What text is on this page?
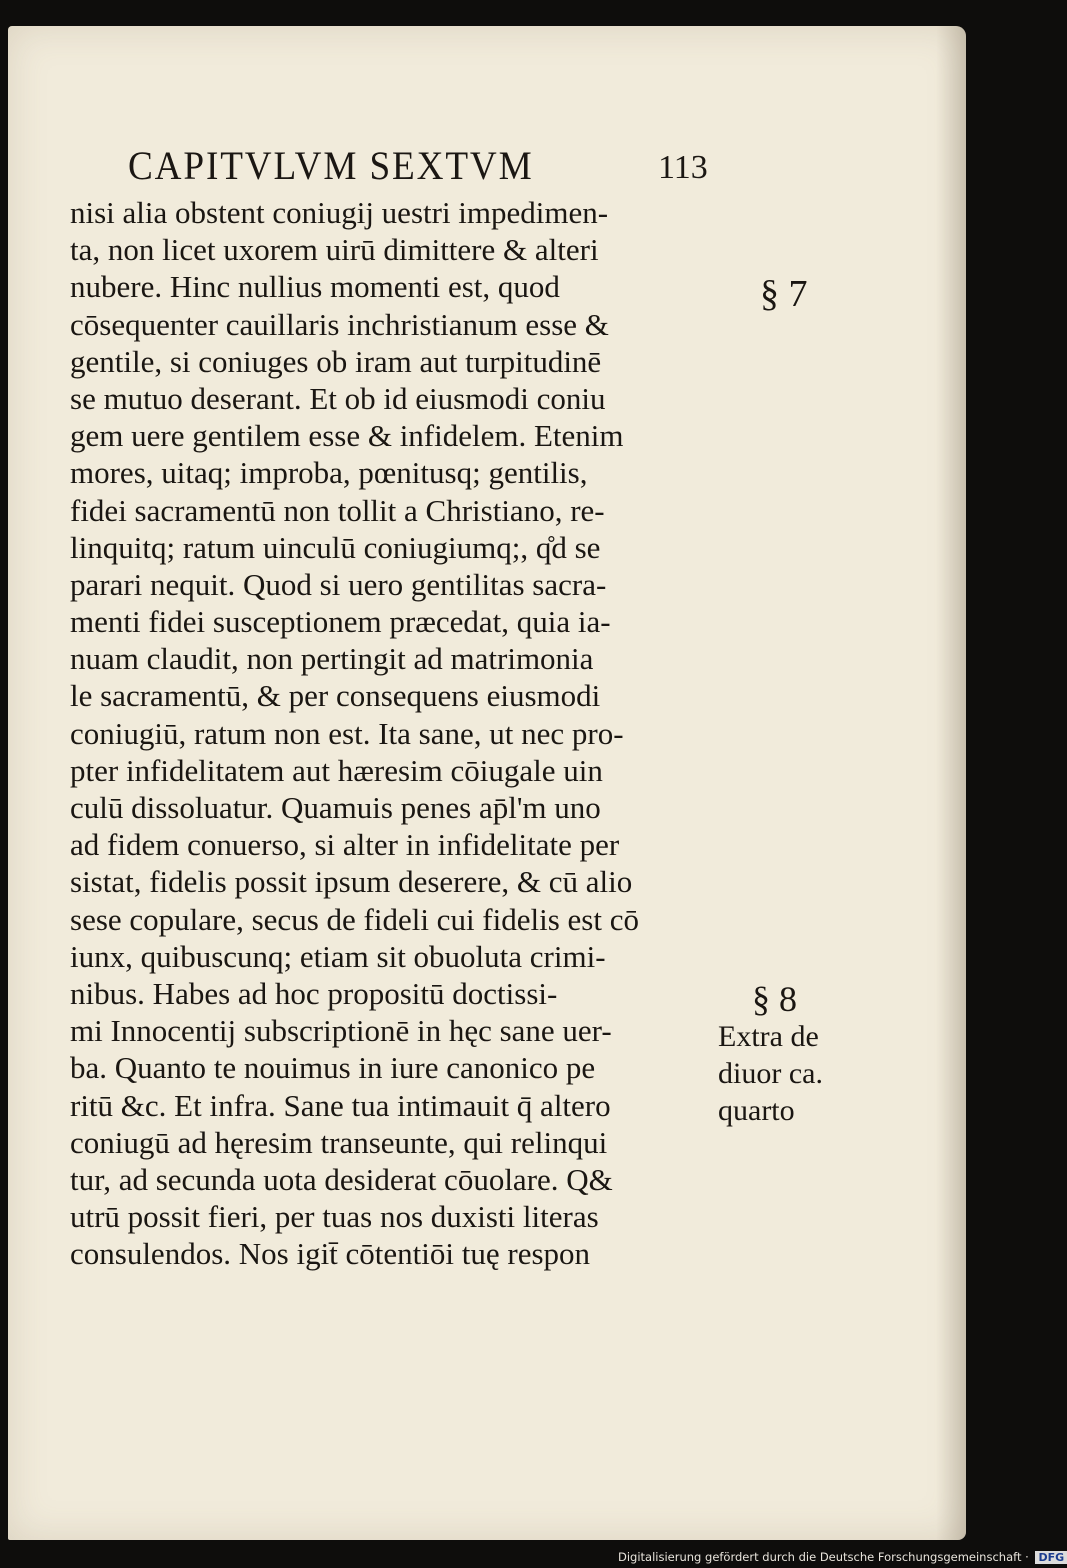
CAPITVLVM SEXTVM	113
nisi alia obstent coniugij uestri impedimen-
ta, non licet uxorem uirū dimittere & alteri
nubere. Hinc nullius momenti est, quod
cōsequenter cauillaris inchristianum esse &
gentile, si coniuges ob iram aut turpitudinē
se mutuo deserant. Et ob id eiusmodi coniu
gem uere gentilem esse & infidelem. Etenim
mores, uitaq; improba, pœnitusq; gentilis,
fidei sacramentū non tollit a Christiano, re-
linquitq; ratum uinculū coniugiumq;, q̊d se
parari nequit. Quod si uero gentilitas sacra-
menti fidei susceptionem præcedat, quia ia-
nuam claudit, non pertingit ad matrimonia
le sacramentū, & per consequens eiusmodi
coniugiū, ratum non est. Ita sane, ut nec pro-
pter infidelitatem aut hæresim cōiugale uin
culū dissoluatur. Quamuis penes ap̄l'm uno
ad fidem conuerso, si alter in infidelitate per
sistat, fidelis possit ipsum deserere, & cū alio
sese copulare, secus de fideli cui fidelis est cō
iunx, quibuscunq; etiam sit obuoluta crimi-
nibus. Habes ad hoc propositū doctissi-
mi Innocentij subscriptionē in hęc sane uer-
ba. Quanto te nouimus in iure canonico pe
ritū &c. Et infra. Sane tua intimauit q̄ altero
coniugū ad hęresim transeunte, qui relinqui
tur, ad secunda uota desiderat cōuolare. Q&
utrū possit fieri, per tuas nos duxisti literas
consulendos. Nos igit̄ cōtentiōi tuę respon
§ 7
§ 8
Extra de
diuor ca.
quarto
Digitalisierung gefördert durch die Deutsche Forschungsgemeinschaft · DFG
